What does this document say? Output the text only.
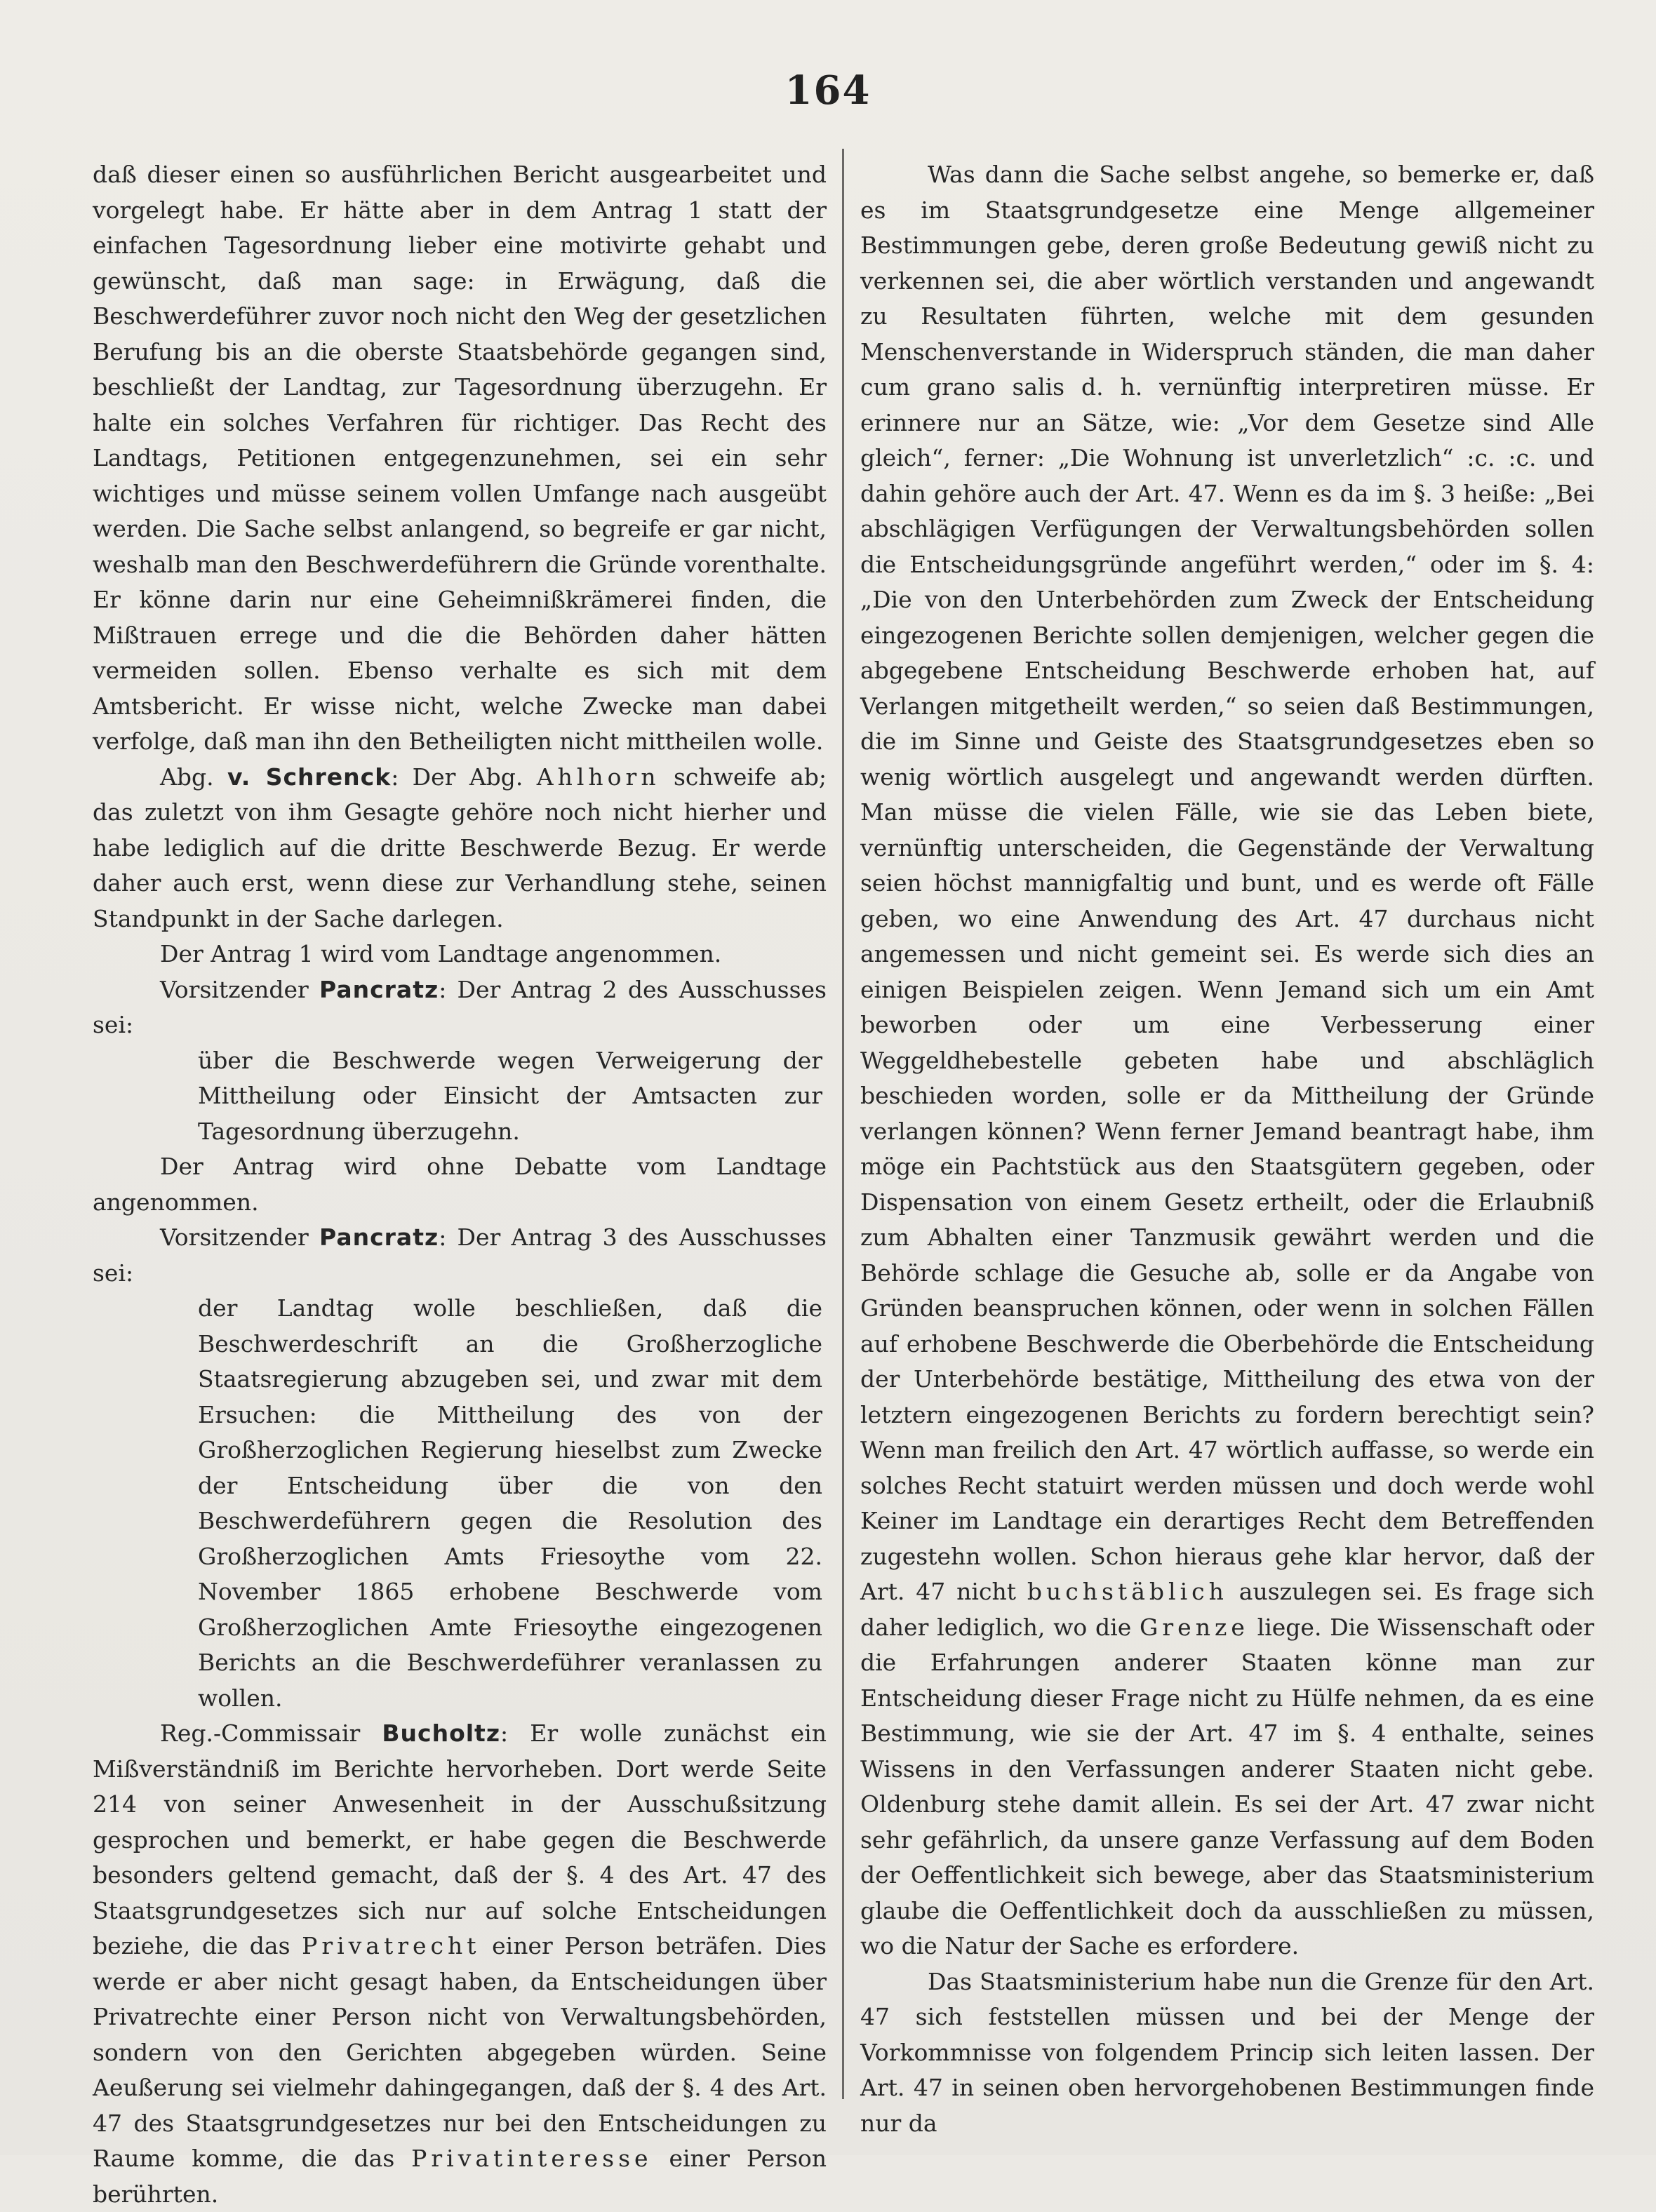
164

daß dieser einen so ausführlichen Bericht ausgearbeitet und vorgelegt habe. Er hätte aber in dem Antrag 1 statt der einfachen Tagesordnung lieber eine motivirte gehabt und gewünscht, daß man sage: in Erwägung, daß die Beschwerdeführer zuvor noch nicht den Weg der gesetzlichen Berufung bis an die oberste Staatsbehörde gegangen sind, beschließt der Landtag, zur Tagesordnung überzugehn. Er halte ein solches Verfahren für richtiger. Das Recht des Landtags, Petitionen entgegenzunehmen, sei ein sehr wichtiges und müsse seinem vollen Umfange nach ausgeübt werden. Die Sache selbst anlangend, so begreife er gar nicht, weshalb man den Beschwerdeführern die Gründe vorenthalte. Er könne darin nur eine Geheimnißkrämerei finden, die Mißtrauen errege und die die Behörden daher hätten vermeiden sollen. Ebenso verhalte es sich mit dem Amtsbericht. Er wisse nicht, welche Zwecke man dabei verfolge, daß man ihn den Betheiligten nicht mittheilen wolle.

Abg. v. Schrenck: Der Abg. Ahlhorn schweife ab; das zuletzt von ihm Gesagte gehöre noch nicht hierher und habe lediglich auf die dritte Beschwerde Bezug. Er werde daher auch erst, wenn diese zur Verhandlung stehe, seinen Standpunkt in der Sache darlegen.

Der Antrag 1 wird vom Landtage angenommen.

Vorsitzender Pancratz: Der Antrag 2 des Ausschusses sei:

über die Beschwerde wegen Verweigerung der Mittheilung oder Einsicht der Amtsacten zur Tagesordnung überzugehn.

Der Antrag wird ohne Debatte vom Landtage angenommen.

Vorsitzender Pancratz: Der Antrag 3 des Ausschusses sei:

der Landtag wolle beschließen, daß die Beschwerdeschrift an die Großherzogliche Staatsregierung abzugeben sei, und zwar mit dem Ersuchen: die Mittheilung des von der Großherzoglichen Regierung hieselbst zum Zwecke der Entscheidung über die von den Beschwerdeführern gegen die Resolution des Großherzoglichen Amts Friesoythe vom 22. November 1865 erhobene Beschwerde vom Großherzoglichen Amte Friesoythe eingezogenen Berichts an die Beschwerdeführer veranlassen zu wollen.

Reg.-Commissair Bucholtz: Er wolle zunächst ein Mißverständniß im Berichte hervorheben. Dort werde Seite 214 von seiner Anwesenheit in der Ausschußsitzung gesprochen und bemerkt, er habe gegen die Beschwerde besonders geltend gemacht, daß der §. 4 des Art. 47 des Staatsgrundgesetzes sich nur auf solche Entscheidungen beziehe, die das Privatrecht einer Person beträfen. Dies werde er aber nicht gesagt haben, da Entscheidungen über Privatrechte einer Person nicht von Verwaltungsbehörden, sondern von den Gerichten abgegeben würden. Seine Aeußerung sei vielmehr dahingegangen, daß der §. 4 des Art. 47 des Staatsgrundgesetzes nur bei den Entscheidungen zu Raume komme, die das Privatinteresse einer Person berührten.

Was dann die Sache selbst angehe, so bemerke er, daß es im Staatsgrundgesetze eine Menge allgemeiner Bestimmungen gebe, deren große Bedeutung gewiß nicht zu verkennen sei, die aber wörtlich verstanden und angewandt zu Resultaten führten, welche mit dem gesunden Menschenverstande in Widerspruch ständen, die man daher cum grano salis d. h. vernünftig interpretiren müsse. Er erinnere nur an Sätze, wie: „Vor dem Gesetze sind Alle gleich“, ferner: „Die Wohnung ist unverletzlich“ :c. :c. und dahin gehöre auch der Art. 47. Wenn es da im §. 3 heiße: „Bei abschlägigen Verfügungen der Verwaltungsbehörden sollen die Entscheidungsgründe angeführt werden,“ oder im §. 4: „Die von den Unterbehörden zum Zweck der Entscheidung eingezogenen Berichte sollen demjenigen, welcher gegen die abgegebene Entscheidung Beschwerde erhoben hat, auf Verlangen mitgetheilt werden,“ so seien daß Bestimmungen, die im Sinne und Geiste des Staatsgrundgesetzes eben so wenig wörtlich ausgelegt und angewandt werden dürften. Man müsse die vielen Fälle, wie sie das Leben biete, vernünftig unterscheiden, die Gegenstände der Verwaltung seien höchst mannigfaltig und bunt, und es werde oft Fälle geben, wo eine Anwendung des Art. 47 durchaus nicht angemessen und nicht gemeint sei. Es werde sich dies an einigen Beispielen zeigen. Wenn Jemand sich um ein Amt beworben oder um eine Verbesserung einer Weggeldhebestelle gebeten habe und abschläglich beschieden worden, solle er da Mittheilung der Gründe verlangen können? Wenn ferner Jemand beantragt habe, ihm möge ein Pachtstück aus den Staatsgütern gegeben, oder Dispensation von einem Gesetz ertheilt, oder die Erlaubniß zum Abhalten einer Tanzmusik gewährt werden und die Behörde schlage die Gesuche ab, solle er da Angabe von Gründen beanspruchen können, oder wenn in solchen Fällen auf erhobene Beschwerde die Oberbehörde die Entscheidung der Unterbehörde bestätige, Mittheilung des etwa von der letztern eingezogenen Berichts zu fordern berechtigt sein? Wenn man freilich den Art. 47 wörtlich auffasse, so werde ein solches Recht statuirt werden müssen und doch werde wohl Keiner im Landtage ein derartiges Recht dem Betreffenden zugestehn wollen. Schon hieraus gehe klar hervor, daß der Art. 47 nicht buchstäblich auszulegen sei. Es frage sich daher lediglich, wo die Grenze liege. Die Wissenschaft oder die Erfahrungen anderer Staaten könne man zur Entscheidung dieser Frage nicht zu Hülfe nehmen, da es eine Bestimmung, wie sie der Art. 47 im §. 4 enthalte, seines Wissens in den Verfassungen anderer Staaten nicht gebe. Oldenburg stehe damit allein. Es sei der Art. 47 zwar nicht sehr gefährlich, da unsere ganze Verfassung auf dem Boden der Oeffentlichkeit sich bewege, aber das Staatsministerium glaube die Oeffentlichkeit doch da ausschließen zu müssen, wo die Natur der Sache es erfordere.

Das Staatsministerium habe nun die Grenze für den Art. 47 sich feststellen müssen und bei der Menge der Vorkommnisse von folgendem Princip sich leiten lassen. Der Art. 47 in seinen oben hervorgehobenen Bestimmungen finde nur da
